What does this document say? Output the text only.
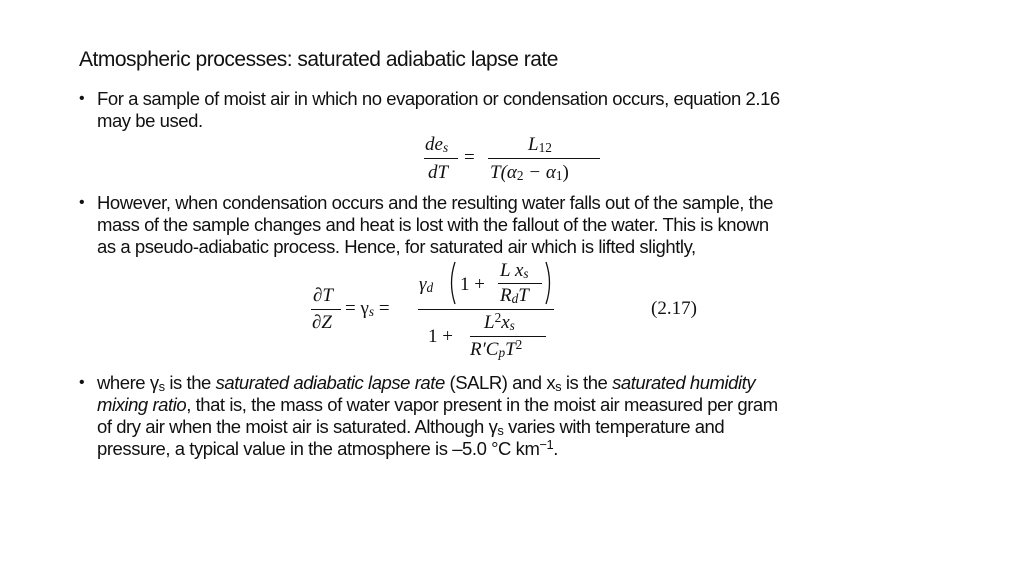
Atmospheric processes: saturated adiabatic lapse rate
• For a sample of moist air in which no evaporation or condensation occurs, equation 2.16
may be used.
$de_s$
dT
=
$L_{12}$
$T(\alpha_2 - \alpha_1)$
• However, when condensation occurs and the resulting water falls out of the sample, the
mass of the sample changes and heat is lost with the fallout of the water. This is known
as a pseudo-adiabatic process. Hence, for saturated air which is lifted slightly,
∂T
∂Z
= $\gamma_s$ =
$\gamma_d$ 1 +
L $x_s$
$R_dT$
1 +
$L^2x_s$
$R'C_pT^2$
(2.17)
• where $\gamma_s$ is the saturated adiabatic lapse rate (SALR) and $x_s$ is the saturated humidity
mixing ratio, that is, the mass of water vapor present in the moist air measured per gram
of dry air when the moist air is saturated. Although $\gamma_s$ varies with temperature and
pressure, a typical value in the atmosphere is –5.0 °C $km^{-1}$.
